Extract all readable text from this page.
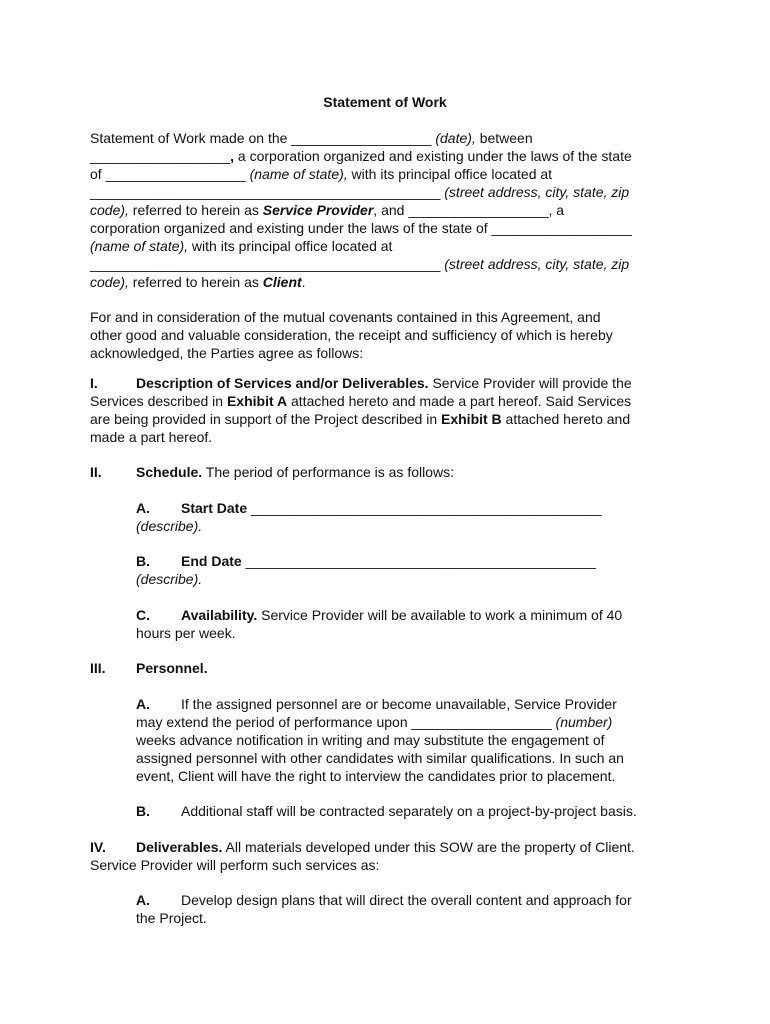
Statement of Work
Statement of Work made on the __________________ (date), between
__________________, a corporation organized and existing under the laws of the state
of __________________ (name of state), with its principal office located at
_____________________________________________ (street address, city, state, zip
code), referred to herein as Service Provider, and __________________, a
corporation organized and existing under the laws of the state of __________________
(name of state), with its principal office located at
_____________________________________________ (street address, city, state, zip
code), referred to herein as Client.
For and in consideration of the mutual covenants contained in this Agreement, and
other good and valuable consideration, the receipt and sufficiency of which is hereby
acknowledged, the Parties agree as follows:
I.	Description of Services and/or Deliverables. Service Provider will provide the
Services described in Exhibit A attached hereto and made a part hereof. Said Services
are being provided in support of the Project described in Exhibit B attached hereto and
made a part hereof.
II. Schedule. The period of performance is as follows:
A. Start Date _____________________________________________
(describe).
B. End Date _____________________________________________
(describe).
C. Availability. Service Provider will be available to work a minimum of 40
hours per week.
III. Personnel.
A. If the assigned personnel are or become unavailable, Service Provider
may extend the period of performance upon __________________ (number)
weeks advance notification in writing and may substitute the engagement of
assigned personnel with other candidates with similar qualifications. In such an
event, Client will have the right to interview the candidates prior to placement.
B. Additional staff will be contracted separately on a project-by-project basis.
IV. Deliverables. All materials developed under this SOW are the property of Client.
Service Provider will perform such services as:
A. Develop design plans that will direct the overall content and approach for
the Project.
